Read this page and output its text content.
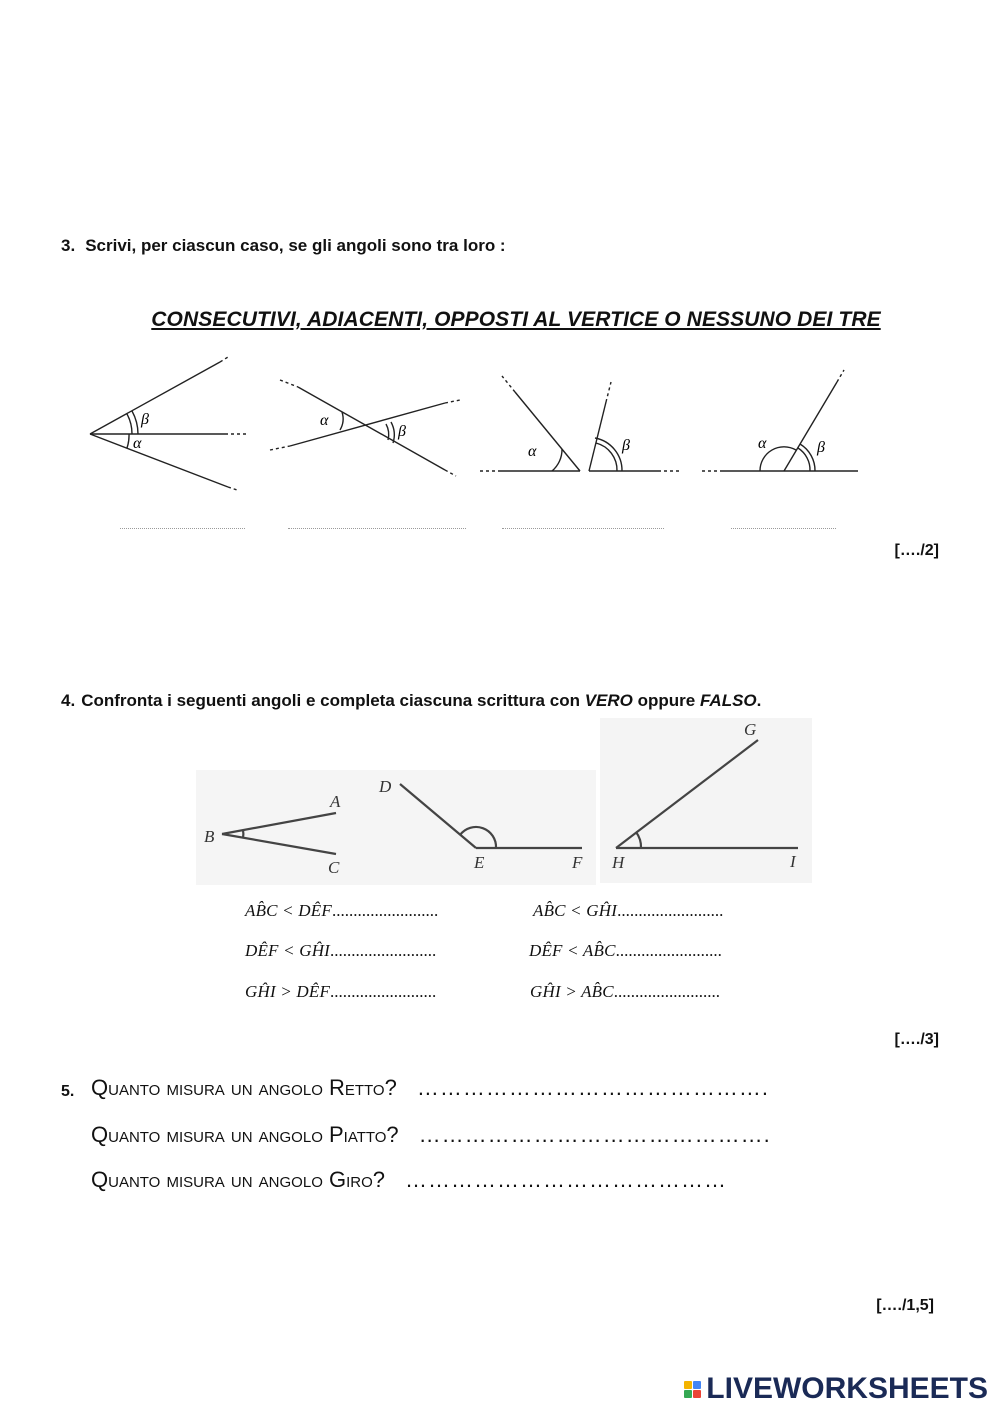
3. Scrivi, per ciascun caso, se gli angoli sono tra loro :
CONSECUTIVI, ADIACENTI, OPPOSTI AL VERTICE O NESSUNO DEI TRE
β
α
α
β
α	β	α	β
[…./2]
4. Confronta i seguenti angoli e completa ciascuna scrittura con VERO oppure FALSO.
A
B
C
D
E	F
G
H	I
AB̂C < DÊF.........................	AB̂C < GĤI.........................
DÊF < GĤI.........................	DÊF < AB̂C.........................
GĤI > DÊF.........................	GĤI > AB̂C.........................
[…./3]
5. Quanto misura un angolo Retto? ……………………………………….
Quanto misura un angolo Piatto? ……………………………………….
Quanto misura un angolo Giro? ……………………………………
[…./1,5]
LIVEWORKSHEETS
